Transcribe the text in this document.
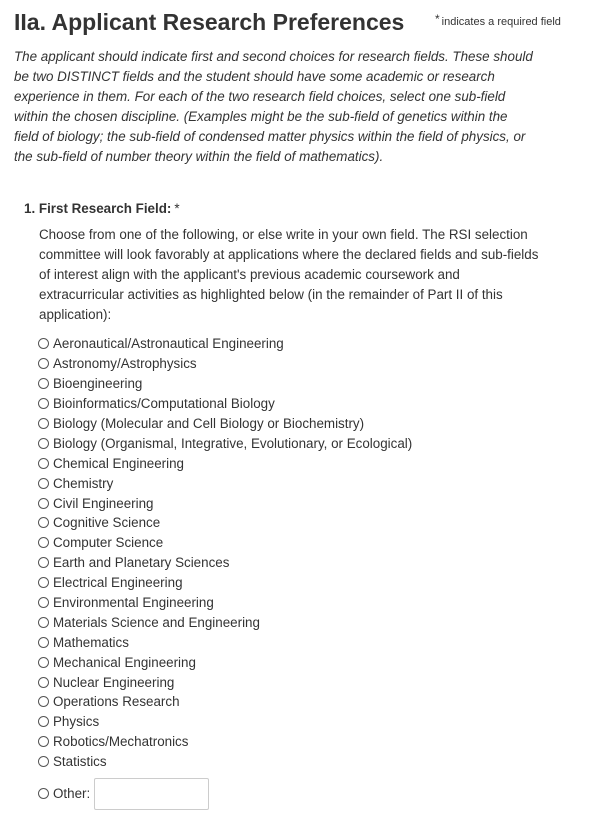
IIa. Applicant Research Preferences	* indicates a required field
The applicant should indicate first and second choices for research fields. These should be two DISTINCT fields and the student should have some academic or research experience in them. For each of the two research field choices, select one sub-field within the chosen discipline. (Examples might be the sub-field of genetics within the field of biology; the sub-field of condensed matter physics within the field of physics, or the sub-field of number theory within the field of mathematics).
1. First Research Field: *
Choose from one of the following, or else write in your own field. The RSI selection committee will look favorably at applications where the declared fields and sub-fields of interest align with the applicant's previous academic coursework and extracurricular activities as highlighted below (in the remainder of Part II of this application):
Aeronautical/Astronautical Engineering
Astronomy/Astrophysics
Bioengineering
Bioinformatics/Computational Biology
Biology (Molecular and Cell Biology or Biochemistry)
Biology (Organismal, Integrative, Evolutionary, or Ecological)
Chemical Engineering
Chemistry
Civil Engineering
Cognitive Science
Computer Science
Earth and Planetary Sciences
Electrical Engineering
Environmental Engineering
Materials Science and Engineering
Mathematics
Mechanical Engineering
Nuclear Engineering
Operations Research
Physics
Robotics/Mechatronics
Statistics
Other:
